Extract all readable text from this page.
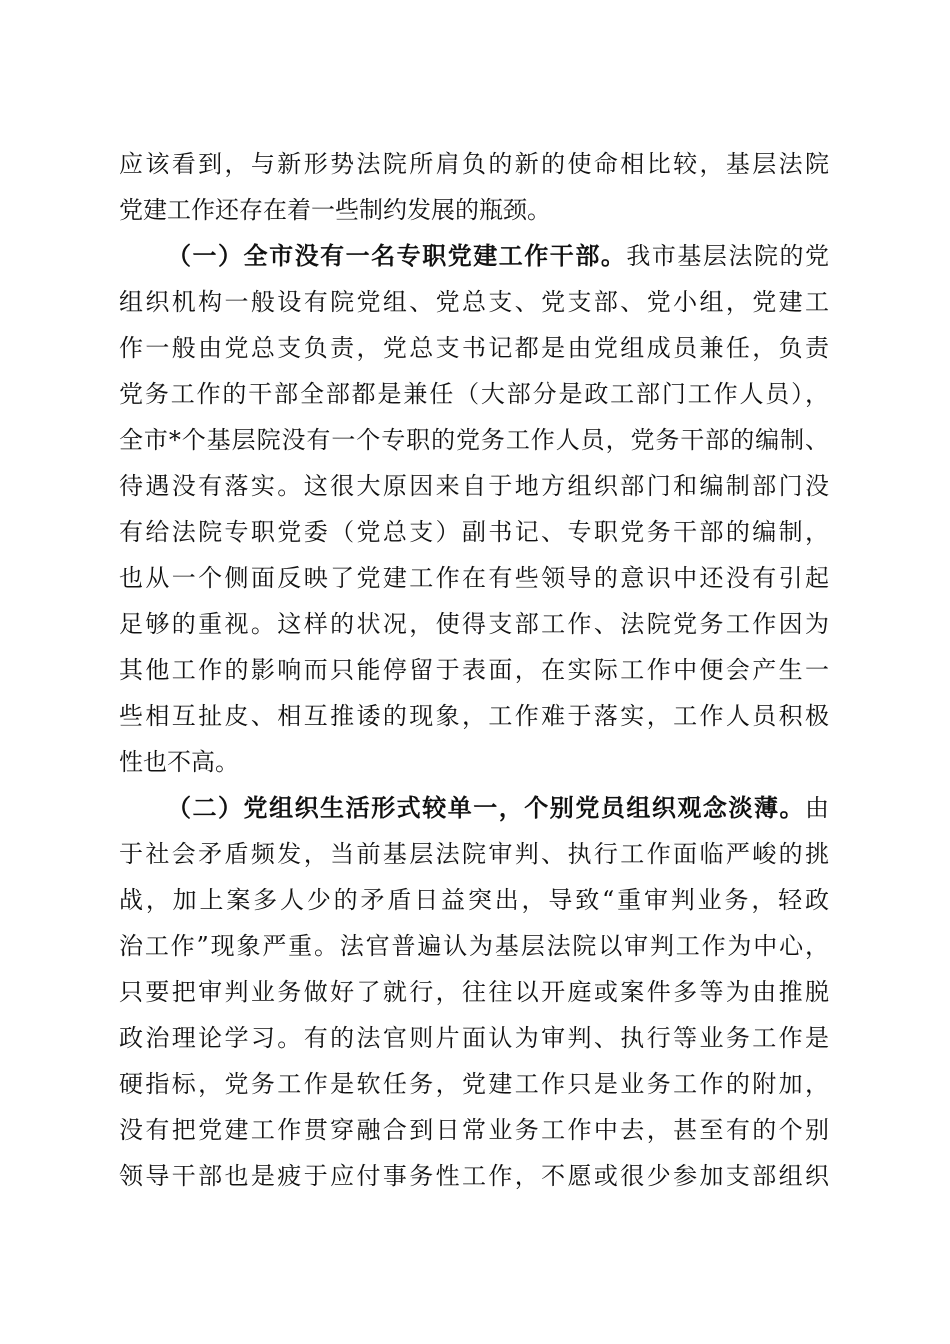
应该看到，与新形势法院所肩负的新的使命相比较，基层法院
党建工作还存在着一些制约发展的瓶颈。
（一）全市没有一名专职党建工作干部。我市基层法院的党
组织机构一般设有院党组、党总支、党支部、党小组，党建工
作一般由党总支负责，党总支书记都是由党组成员兼任，负责
党务工作的干部全部都是兼任（大部分是政工部门工作人员），
全市*个基层院没有一个专职的党务工作人员，党务干部的编制、
待遇没有落实。这很大原因来自于地方组织部门和编制部门没
有给法院专职党委（党总支）副书记、专职党务干部的编制，
也从一个侧面反映了党建工作在有些领导的意识中还没有引起
足够的重视。这样的状况，使得支部工作、法院党务工作因为
其他工作的影响而只能停留于表面，在实际工作中便会产生一
些相互扯皮、相互推诿的现象，工作难于落实，工作人员积极
性也不高。
（二）党组织生活形式较单一，个别党员组织观念淡薄。由
于社会矛盾频发，当前基层法院审判、执行工作面临严峻的挑
战，加上案多人少的矛盾日益突出，导致“重审判业务，轻政
治工作”现象严重。法官普遍认为基层法院以审判工作为中心，
只要把审判业务做好了就行，往往以开庭或案件多等为由推脱
政治理论学习。有的法官则片面认为审判、执行等业务工作是
硬指标，党务工作是软任务，党建工作只是业务工作的附加，
没有把党建工作贯穿融合到日常业务工作中去，甚至有的个别
领导干部也是疲于应付事务性工作，不愿或很少参加支部组织
